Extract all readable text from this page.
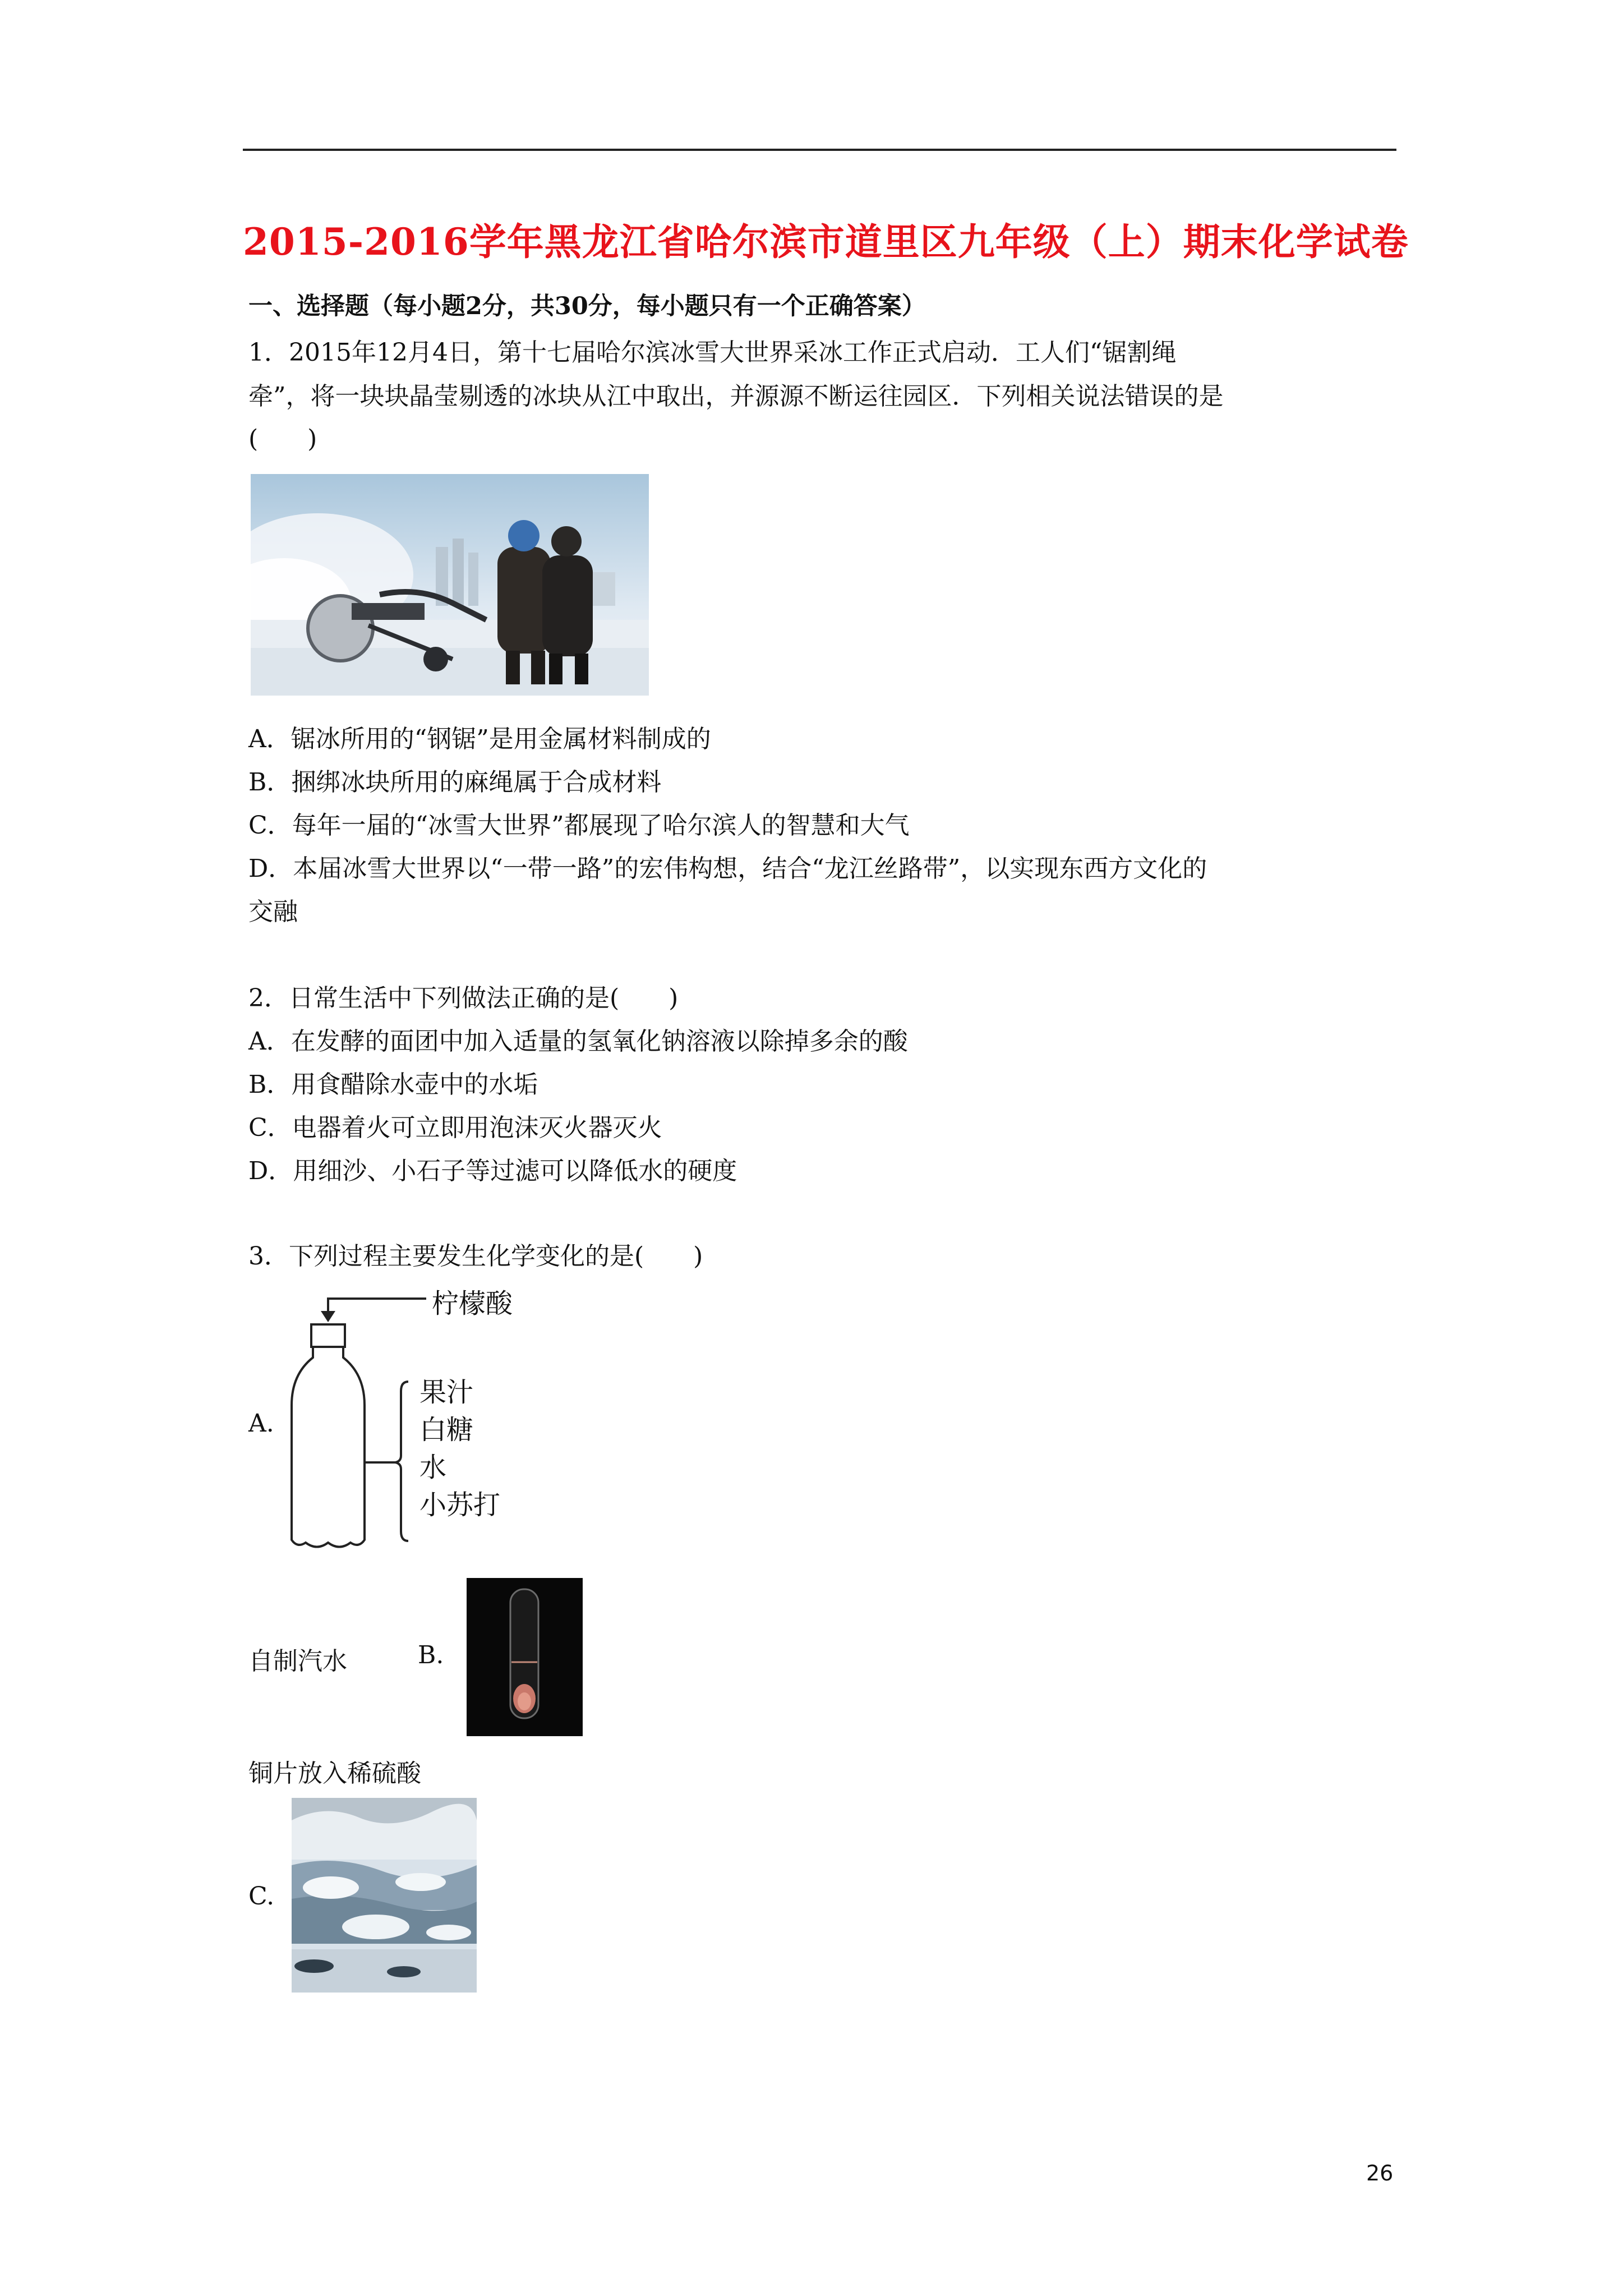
2015-2016学年黑龙江省哈尔滨市道里区九年级（上）期末化学试卷
一、选择题（每小题2分，共30分，每小题只有一个正确答案）
1．2015年12月4日，第十七届哈尔滨冰雪大世界采冰工作正式启动．工人们“锯割绳
牵”，将一块块晶莹剔透的冰块从江中取出，并源源不断运往园区．下列相关说法错误的是
(　　)
A．锯冰所用的“钢锯”是用金属材料制成的
B．捆绑冰块所用的麻绳属于合成材料
C．每年一届的“冰雪大世界”都展现了哈尔滨人的智慧和大气
D．本届冰雪大世界以“一带一路”的宏伟构想，结合“龙江丝路带”，以实现东西方文化的
交融
2．日常生活中下列做法正确的是(　　)
A．在发酵的面团中加入适量的氢氧化钠溶液以除掉多余的酸
B．用食醋除水壶中的水垢
C．电器着火可立即用泡沫灭火器灭火
D．用细沙、小石子等过滤可以降低水的硬度
3．下列过程主要发生化学变化的是(　　)
A.
柠檬酸
果汁
白糖
水
小苏打
自制汽水	B.
铜片放入稀硫酸
C.
26
